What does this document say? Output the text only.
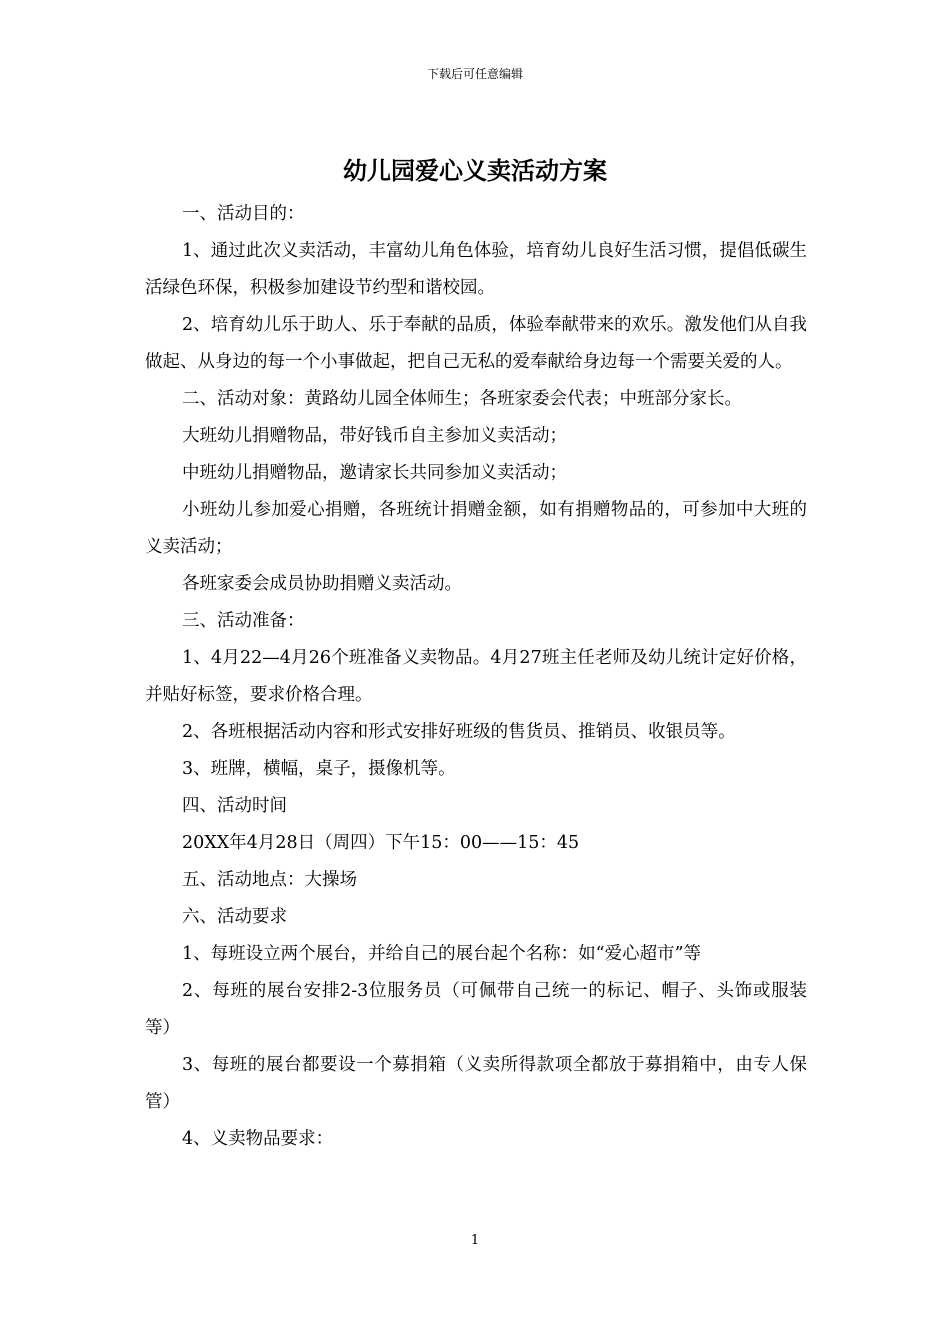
下载后可任意编辑
幼儿园爱心义卖活动方案

一、活动目的：

1、通过此次义卖活动，丰富幼儿角色体验，培育幼儿良好生活习惯，提倡低碳生活绿色环保，积极参加建设节约型和谐校园。

2、培育幼儿乐于助人、乐于奉献的品质，体验奉献带来的欢乐。激发他们从自我做起、从身边的每一个小事做起，把自己无私的爱奉献给身边每一个需要关爱的人。

二、活动对象：黄路幼儿园全体师生；各班家委会代表；中班部分家长。

大班幼儿捐赠物品，带好钱币自主参加义卖活动；

中班幼儿捐赠物品，邀请家长共同参加义卖活动；

小班幼儿参加爱心捐赠，各班统计捐赠金额，如有捐赠物品的，可参加中大班的义卖活动；

各班家委会成员协助捐赠义卖活动。

三、活动准备：

1、4月22—4月26个班准备义卖物品。4月27班主任老师及幼儿统计定好价格，并贴好标签，要求价格合理。

2、各班根据活动内容和形式安排好班级的售货员、推销员、收银员等。

3、班牌，横幅，桌子，摄像机等。

四、活动时间

20XX年4月28日（周四）下午15：00——15：45

五、活动地点：大操场

六、活动要求

1、每班设立两个展台，并给自己的展台起个名称：如“爱心超市”等

2、每班的展台安排2-3位服务员（可佩带自己统一的标记、帽子、头饰或服装等）

3、每班的展台都要设一个募捐箱（义卖所得款项全都放于募捐箱中，由专人保管）

4、义卖物品要求：

1
